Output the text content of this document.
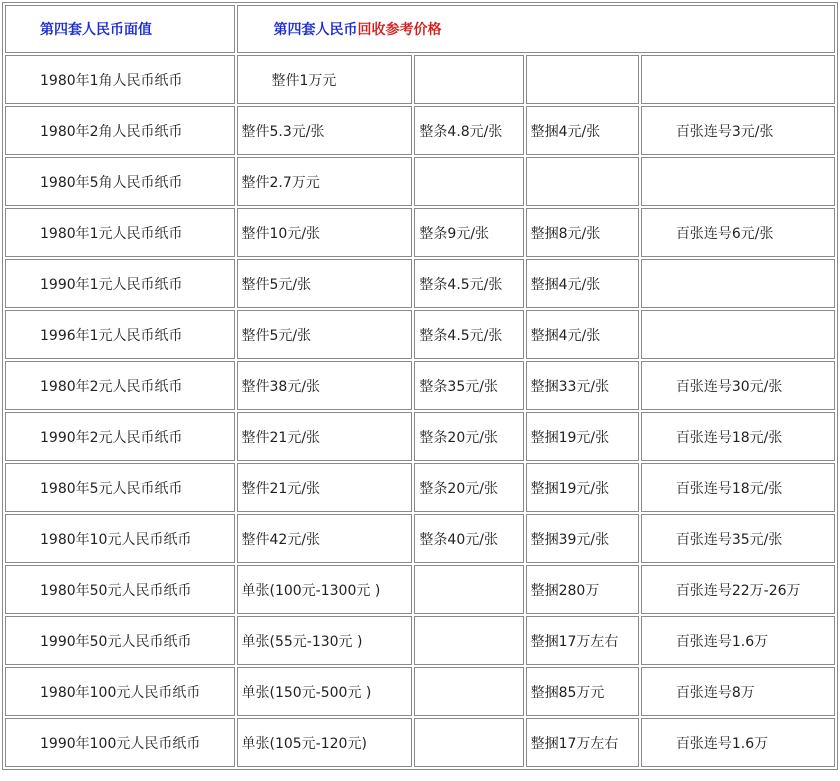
第四套人民币面值	第四套人民币回收参考价格			
1980年1角人民币纸币	整件1万元			
1980年2角人民币纸币	整件5.3元/张	整条4.8元/张	整捆4元/张	百张连号3元/张
1980年5角人民币纸币	整件2.7万元			
1980年1元人民币纸币	整件10元/张	整条9元/张	整捆8元/张	百张连号6元/张
1990年1元人民币纸币	整件5元/张	整条4.5元/张	整捆4元/张	
1996年1元人民币纸币	整件5元/张	整条4.5元/张	整捆4元/张	
1980年2元人民币纸币	整件38元/张	整条35元/张	整捆33元/张	百张连号30元/张
1990年2元人民币纸币	整件21元/张	整条20元/张	整捆19元/张	百张连号18元/张
1980年5元人民币纸币	整件21元/张	整条20元/张	整捆19元/张	百张连号18元/张
1980年10元人民币纸币	整件42元/张	整条40元/张	整捆39元/张	百张连号35元/张
1980年50元人民币纸币	单张(100元-1300元 )		整捆280万	百张连号22万-26万
1990年50元人民币纸币	单张(55元-130元 )		整捆17万左右	百张连号1.6万
1980年100元人民币纸币	单张(150元-500元 )		整捆85万元	百张连号8万
1990年100元人民币纸币	单张(105元-120元)		整捆17万左右	百张连号1.6万
